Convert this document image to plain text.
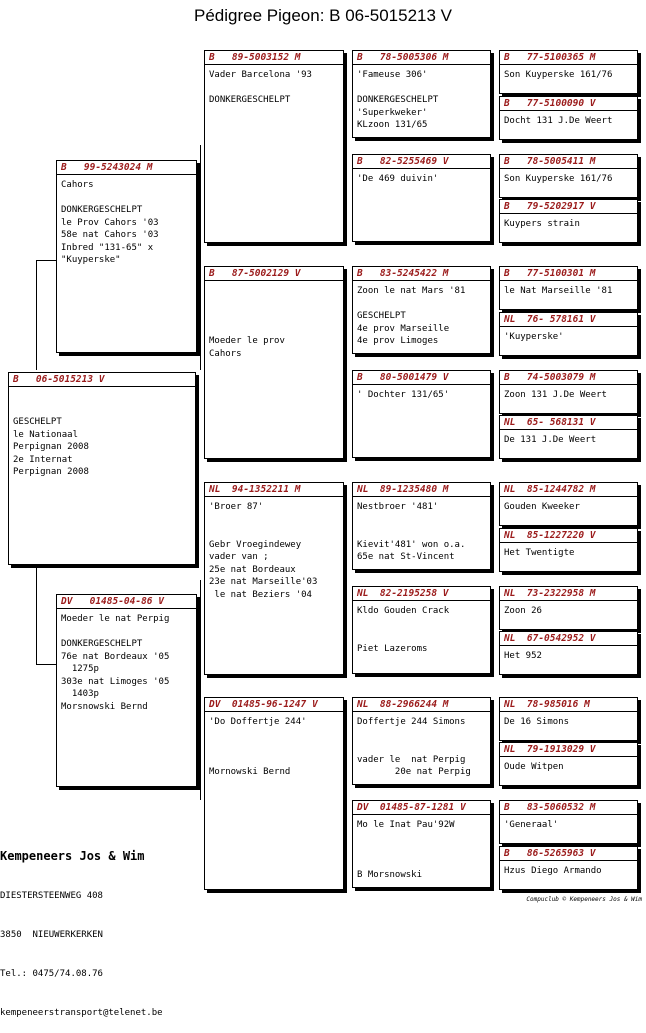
Pédigree Pigeon: B 06-5015213 V
B   06-5015213 V

GESCHELPT
le Nationaal
Perpignan 2008
2e Internat
Perpignan 2008
B   99-5243024 M
Cahors

DONKERGESCHELPT
le Prov Cahors '03
58e nat Cahors '03
Inbred "131-65" x
"Kuyperske"
DV   01485-04-86 V
Moeder le nat Perpig

DONKERGESCHELPT
76e nat Bordeaux '05
1275p
303e nat Limoges '05
1403p
Morsnowski Bernd
B   89-5003152 M
Vader Barcelona '93

DONKERGESCHELPT
B   87-5002129 V

Moeder le prov
Cahors
NL  94-1352211 M
'Broer 87'

Gebr Vroegindewey
vader van ;
25e nat Bordeaux
23e nat Marseille'03
le nat Beziers '04
DV  01485-96-1247 V
'Do Doffertje 244'

Mornowski Bernd
B   78-5005306 M
'Fameuse 306'

DONKERGESCHELPT
'Superkweker'
KLzoon 131/65
B   82-5255469 V
'De 469 duivin'
B   83-5245422 M
Zoon le nat Mars '81

GESCHELPT
4e prov Marseille
4e prov Limoges
B   80-5001479 V
' Dochter 131/65'
NL  89-1235480 M
Nestbroer '481'

Kievit'481' won o.a.
65e nat St-Vincent
NL  82-2195258 V
Kldo Gouden Crack

Piet Lazeroms
NL  88-2966244 M
Doffertje 244 Simons

vader le  nat Perpig
20e nat Perpig
DV  01485-87-1281 V
Mo le Inat Pau'92W

B Morsnowski
B   77-5100365 M
Son Kuyperske 161/76
B   77-5100090 V
Docht 131 J.De Weert
B   78-5005411 M
Son Kuyperske 161/76
B   79-5202917 V
Kuypers strain
B   77-5100301 M
le Nat Marseille '81
NL  76- 578161 V
'Kuyperske'
B   74-5003079 M
Zoon 131 J.De Weert
NL  65- 568131 V
De 131 J.De Weert
NL  85-1244782 M
Gouden Kweeker
NL  85-1227220 V
Het Twentigte
NL  73-2322958 M
Zoon 26
NL  67-0542952 V
Het 952
NL  78-985016 M
De 16 Simons
NL  79-1913029 V
Oude Witpen
B   83-5060532 M
'Generaal'
B   86-5265963 V
Hzus Diego Armando

Kempeneers Jos & Wim

DIESTERSTEENWEG 408

3850  NIEUWERKERKEN

Tel.: 0475/74.08.76

kempeneerstransport@telenet.be

Compuclub © Kempeneers Jos & Wim
